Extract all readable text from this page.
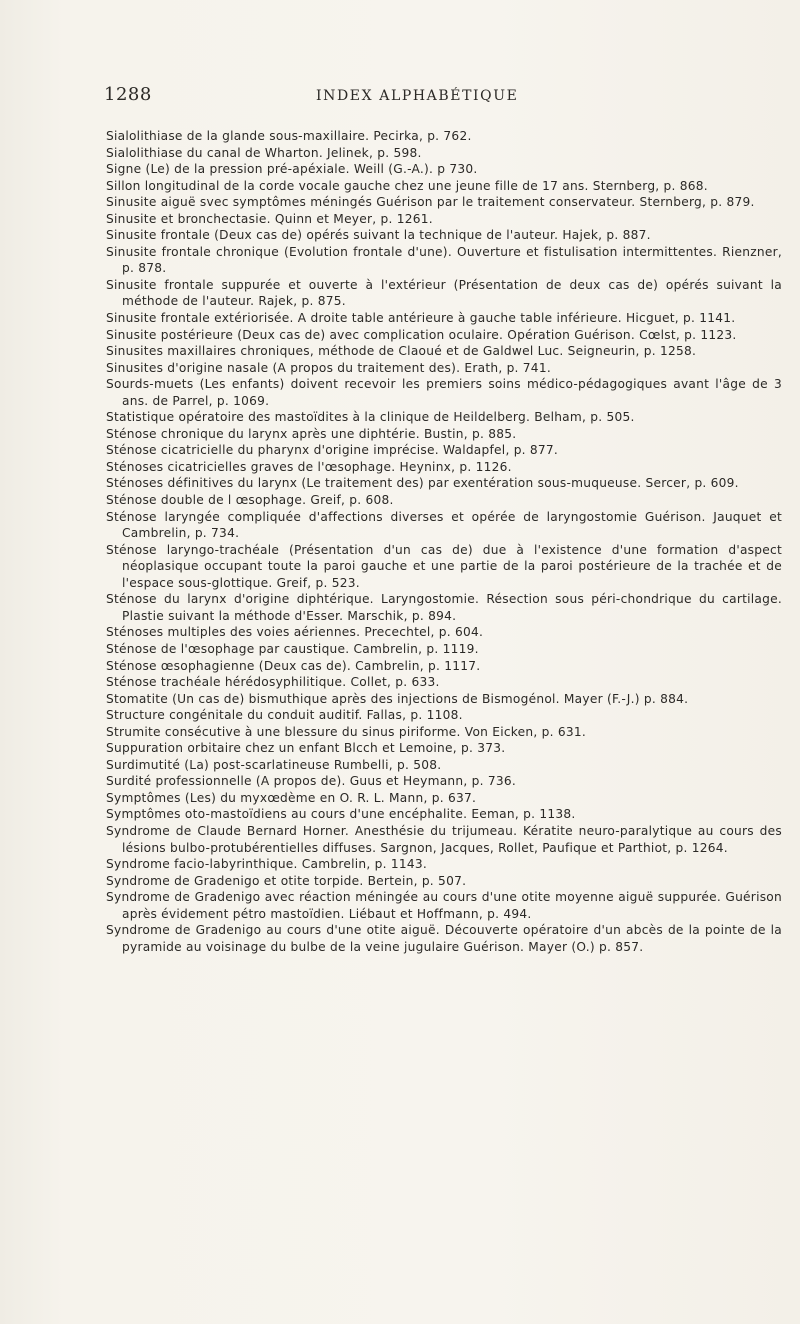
1288	INDEX ALPHABÉTIQUE

Sialolithiase de la glande sous-maxillaire. Pecirka, p. 762.

Sialolithiase du canal de Wharton. Jelinek, p. 598.

Signe (Le) de la pression pré-apéxiale. Weill (G.-A.). p 730.

Sillon longitudinal de la corde vocale gauche chez une jeune fille de 17 ans. Sternberg, p. 868.

Sinusite aiguë svec symptômes méningés Guérison par le traitement conservateur. Sternberg, p. 879.

Sinusite et bronchectasie. Quinn et Meyer, p. 1261.

Sinusite frontale (Deux cas de) opérés suivant la technique de l'auteur. Hajek, p. 887.

Sinusite frontale chronique (Evolution frontale d'une). Ouverture et fistulisation intermittentes. Rienzner, p. 878.

Sinusite frontale suppurée et ouverte à l'extérieur (Présentation de deux cas de) opérés suivant la méthode de l'auteur. Rajek, p. 875.

Sinusite frontale extériorisée. A droite table antérieure à gauche table inférieure. Hicguet, p. 1141.

Sinusite postérieure (Deux cas de) avec complication oculaire. Opération Guérison. Cœlst, p. 1123.

Sinusites maxillaires chroniques, méthode de Claoué et de Galdwel Luc. Seigneurin, p. 1258.

Sinusites d'origine nasale (A propos du traitement des). Erath, p. 741.

Sourds-muets (Les enfants) doivent recevoir les premiers soins médico-pédagogiques avant l'âge de 3 ans. de Parrel, p. 1069.

Statistique opératoire des mastoïdites à la clinique de Heildelberg. Belham, p. 505.

Sténose chronique du larynx après une diphtérie. Bustin, p. 885.

Sténose cicatricielle du pharynx d'origine imprécise. Waldapfel, p. 877.

Sténoses cicatricielles graves de l'œsophage. Heyninx, p. 1126.

Sténoses définitives du larynx (Le traitement des) par exentération sous-muqueuse. Sercer, p. 609.

Sténose double de l œsophage. Greif, p. 608.

Sténose laryngée compliquée d'affections diverses et opérée de laryngostomie Guérison. Jauquet et Cambrelin, p. 734.

Sténose laryngo-trachéale (Présentation d'un cas de) due à l'existence d'une formation d'aspect néoplasique occupant toute la paroi gauche et une partie de la paroi postérieure de la trachée et de l'espace sous-glottique. Greif, p. 523.

Sténose du larynx d'origine diphtérique. Laryngostomie. Résection sous péri-chondrique du cartilage. Plastie suivant la méthode d'Esser. Marschik, p. 894.

Sténoses multiples des voies aériennes. Precechtel, p. 604.

Sténose de l'œsophage par caustique. Cambrelin, p. 1119.

Sténose œsophagienne (Deux cas de). Cambrelin, p. 1117.

Sténose trachéale hérédosyphilitique. Collet, p. 633.

Stomatite (Un cas de) bismuthique après des injections de Bismogénol. Mayer (F.-J.) p. 884.

Structure congénitale du conduit auditif. Fallas, p. 1108.

Strumite consécutive à une blessure du sinus piriforme. Von Eicken, p. 631.

Suppuration orbitaire chez un enfant Blcch et Lemoine, p. 373.

Surdimutité (La) post-scarlatineuse Rumbelli, p. 508.

Surdité professionnelle (A propos de). Guus et Heymann, p. 736.

Symptômes (Les) du myxœdème en O. R. L. Mann, p. 637.

Symptômes oto-mastoïdiens au cours d'une encéphalite. Eeman, p. 1138.

Syndrome de Claude Bernard Horner. Anesthésie du trijumeau. Kératite neuro-paralytique au cours des lésions bulbo-protubérentielles diffuses. Sargnon, Jacques, Rollet, Paufique et Parthiot, p. 1264.

Syndrome facio-labyrinthique. Cambrelin, p. 1143.

Syndrome de Gradenigo et otite torpide. Bertein, p. 507.

Syndrome de Gradenigo avec réaction méningée au cours d'une otite moyenne aiguë suppurée. Guérison après évidement pétro mastoïdien. Liébaut et Hoffmann, p. 494.

Syndrome de Gradenigo au cours d'une otite aiguë. Découverte opératoire d'un abcès de la pointe de la pyramide au voisinage du bulbe de la veine jugulaire Guérison. Mayer (O.) p. 857.
